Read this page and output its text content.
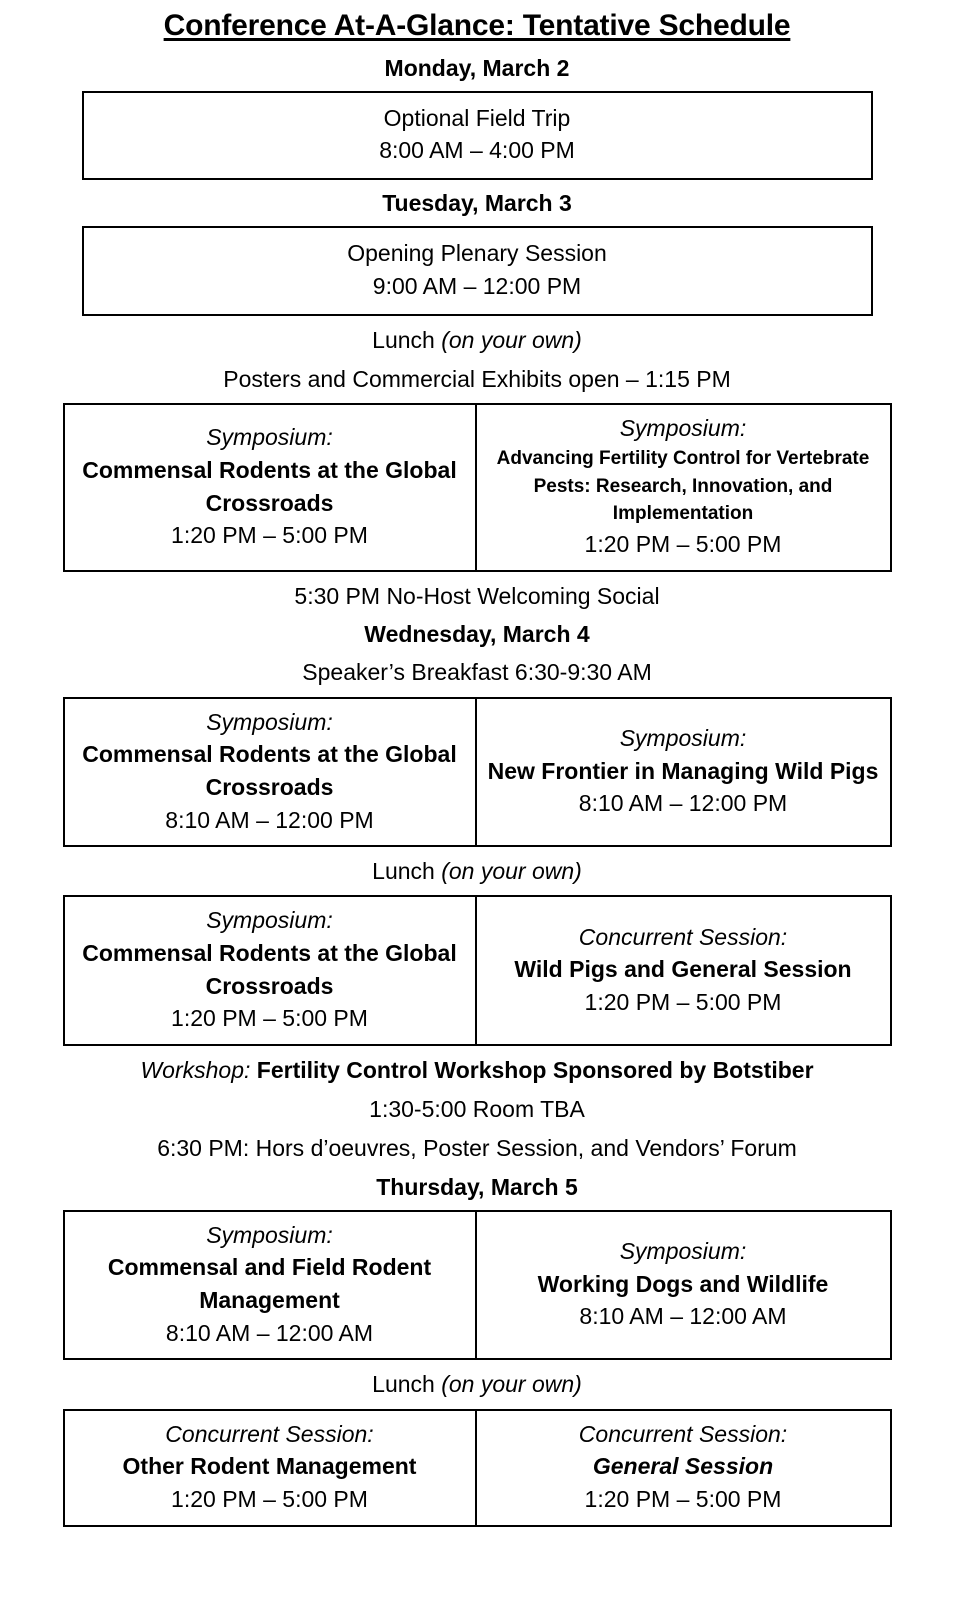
Conference At-A-Glance: Tentative Schedule
Monday, March 2
Optional Field Trip
8:00 AM – 4:00 PM
Tuesday, March 3
Opening Plenary Session
9:00 AM – 12:00 PM
Lunch (on your own)
Posters and Commercial Exhibits open – 1:15 PM
Symposium:
Commensal Rodents at the Global Crossroads
1:20 PM – 5:00 PM

Symposium:
Advancing Fertility Control for Vertebrate Pests: Research, Innovation, and Implementation
1:20 PM – 5:00 PM
5:30 PM No-Host Welcoming Social
Wednesday, March 4
Speaker’s Breakfast 6:30-9:30 AM
Symposium:
Commensal Rodents at the Global Crossroads
8:10 AM – 12:00 PM

Symposium:
New Frontier in Managing Wild Pigs
8:10 AM – 12:00 PM
Lunch (on your own)
Symposium:
Commensal Rodents at the Global Crossroads
1:20 PM – 5:00 PM

Concurrent Session:
Wild Pigs and General Session
1:20 PM – 5:00 PM
Workshop: Fertility Control Workshop Sponsored by Botstiber
1:30-5:00 Room TBA
6:30 PM: Hors d’oeuvres, Poster Session, and Vendors’ Forum
Thursday, March 5
Symposium:
Commensal and Field Rodent Management
8:10 AM – 12:00 AM

Symposium:
Working Dogs and Wildlife
8:10 AM – 12:00 AM
Lunch (on your own)
Concurrent Session:
Other Rodent Management
1:20 PM – 5:00 PM

Concurrent Session:
General Session
1:20 PM – 5:00 PM
